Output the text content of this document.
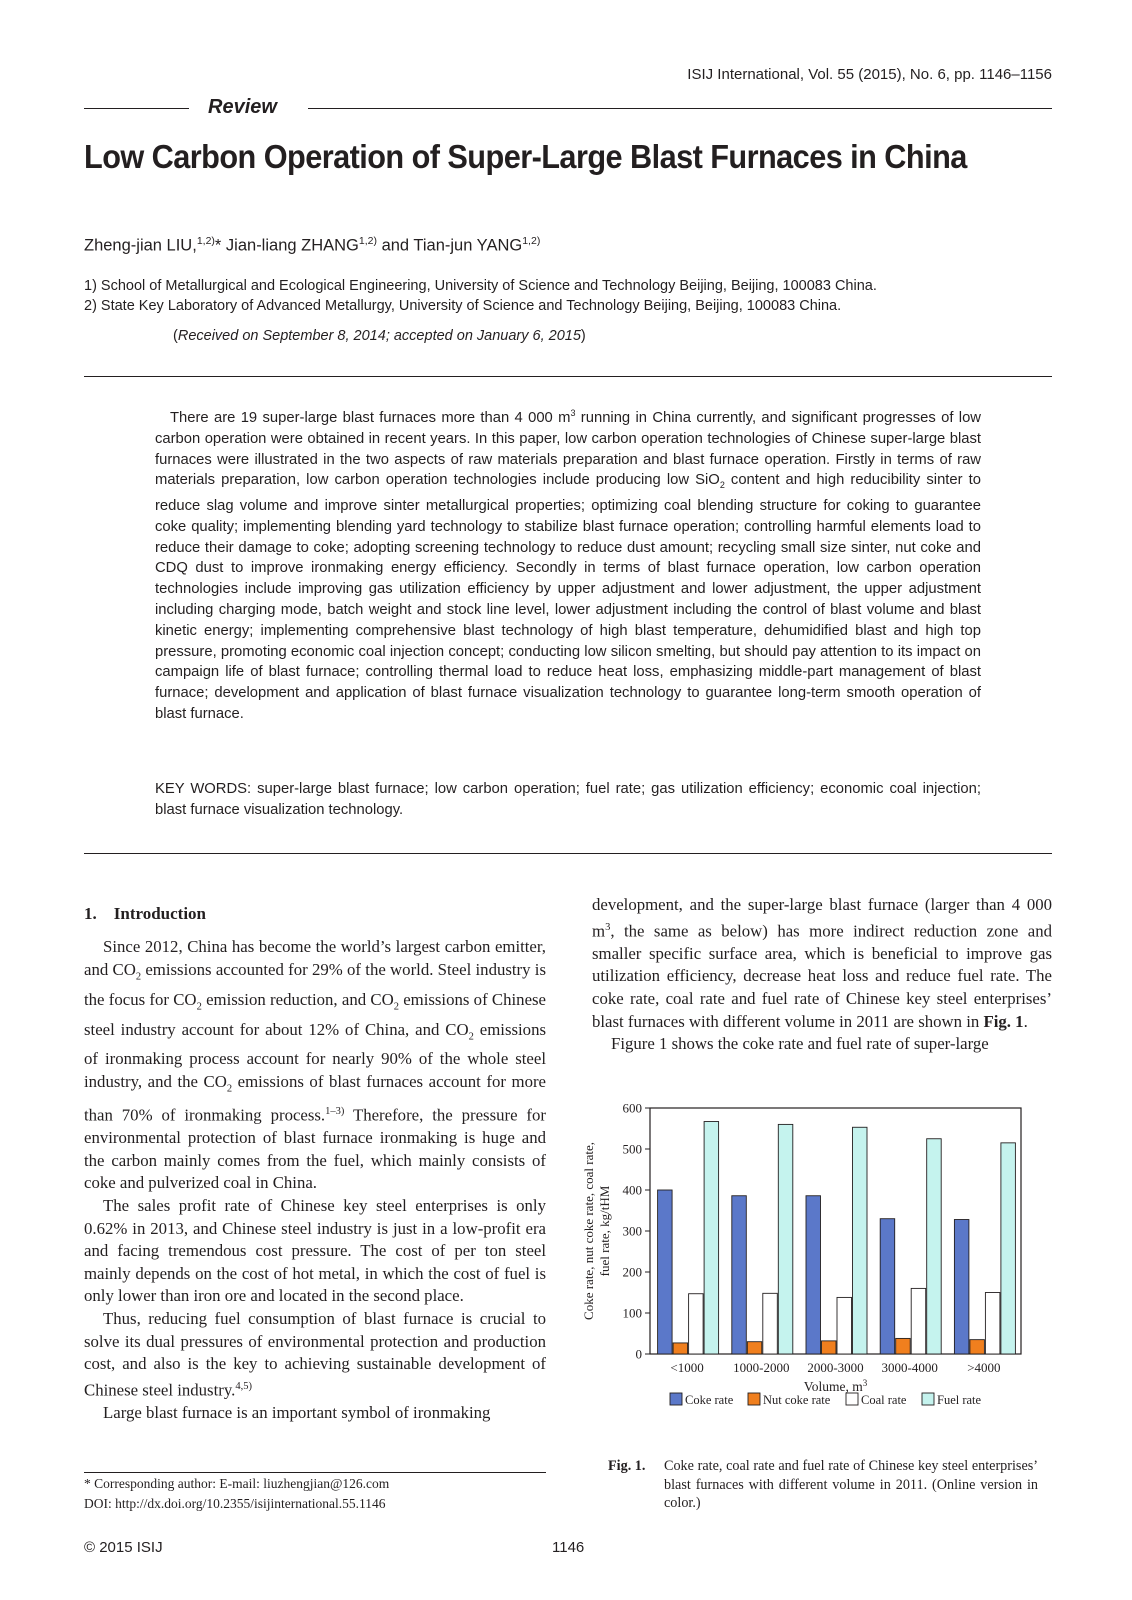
ISIJ International, Vol. 55 (2015), No. 6, pp. 1146–1156
Review
Low Carbon Operation of Super-Large Blast Furnaces in China
Zheng-jian LIU,$^{1,2)}$* Jian-liang ZHANG$^{1,2)}$ and Tian-jun YANG$^{1,2)}$
1) School of Metallurgical and Ecological Engineering, University of Science and Technology Beijing, Beijing, 100083 China.
2) State Key Laboratory of Advanced Metallurgy, University of Science and Technology Beijing, Beijing, 100083 China.
(Received on September 8, 2014; accepted on January 6, 2015)

There are 19 super-large blast furnaces more than 4 000 $m^3$ running in China currently, and significant progresses of low carbon operation were obtained in recent years. In this paper, low carbon operation technologies of Chinese super-large blast furnaces were illustrated in the two aspects of raw materials preparation and blast furnace operation. Firstly in terms of raw materials preparation, low carbon operation technologies include producing low SiO$_2$ content and high reducibility sinter to reduce slag volume and improve sinter metallurgical properties; optimizing coal blending structure for coking to guarantee coke quality; implementing blending yard technology to stabilize blast furnace operation; controlling harmful elements load to reduce their damage to coke; adopting screening technology to reduce dust amount; recycling small size sinter, nut coke and CDQ dust to improve ironmaking energy efficiency. Secondly in terms of blast furnace operation, low carbon operation technologies include improving gas utilization efficiency by upper adjustment and lower adjustment, the upper adjustment including charging mode, batch weight and stock line level, lower adjustment including the control of blast volume and blast kinetic energy; implementing comprehensive blast technology of high blast temperature, dehumidified blast and high top pressure, promoting economic coal injection concept; conducting low silicon smelting, but should pay attention to its impact on campaign life of blast furnace; controlling thermal load to reduce heat loss, emphasizing middle-part management of blast furnace; development and application of blast furnace visualization technology to guarantee long-term smooth operation of blast furnace.

KEY WORDS: super-large blast furnace; low carbon operation; fuel rate; gas utilization efficiency; economic coal injection; blast furnace visualization technology.

1.  Introduction

Since 2012, China has become the world’s largest carbon emitter, and $CO_2$ emissions accounted for 29% of the world. Steel industry is the focus for $CO_2$ emission reduction, and $CO_2$ emissions of Chinese steel industry account for about 12% of China, and $CO_2$ emissions of ironmaking process account for nearly 90% of the whole steel industry, and the $CO_2$ emissions of blast furnaces account for more than 70% of ironmaking process.$^{1-3)}$ Therefore, the pressure for environmental protection of blast furnace ironmaking is huge and the carbon mainly comes from the fuel, which mainly consists of coke and pulverized coal in China.

The sales profit rate of Chinese key steel enterprises is only 0.62% in 2013, and Chinese steel industry is just in a low-profit era and facing tremendous cost pressure. The cost of per ton steel mainly depends on the cost of hot metal, in which the cost of fuel is only lower than iron ore and located in the second place.

Thus, reducing fuel consumption of blast furnace is crucial to solve its dual pressures of environmental protection and production cost, and also is the key to achieving sustainable development of Chinese steel industry.$^{4,5)}$

Large blast furnace is an important symbol of ironmaking

development, and the super-large blast furnace (larger than 4 000 $m^3$, the same as below) has more indirect reduction zone and smaller specific surface area, which is beneficial to improve gas utilization efficiency, decrease heat loss and reduce fuel rate. The coke rate, coal rate and fuel rate of Chinese key steel enterprises’ blast furnaces with different volume in 2011 are shown in Fig. 1.

Figure 1 shows the coke rate and fuel rate of super-large

0
100
200
300
400
500
600
<1000 1000-2000 2000-3000 3000-4000 >4000
Coke rate Nut coke rate Coal rate Fuel rate
Coke rate, nut coke rate, coal rate, fuel rate, kg/tHM
Volume, $m^3$
Fig. 1. Coke rate, coal rate and fuel rate of Chinese key steel enterprises’ blast furnaces with different volume in 2011. (Online version in color.)
* Corresponding author: E-mail: liuzhengjian@126.com
DOI: http://dx.doi.org/10.2355/isijinternational.55.1146
© 2015 ISIJ	1146
